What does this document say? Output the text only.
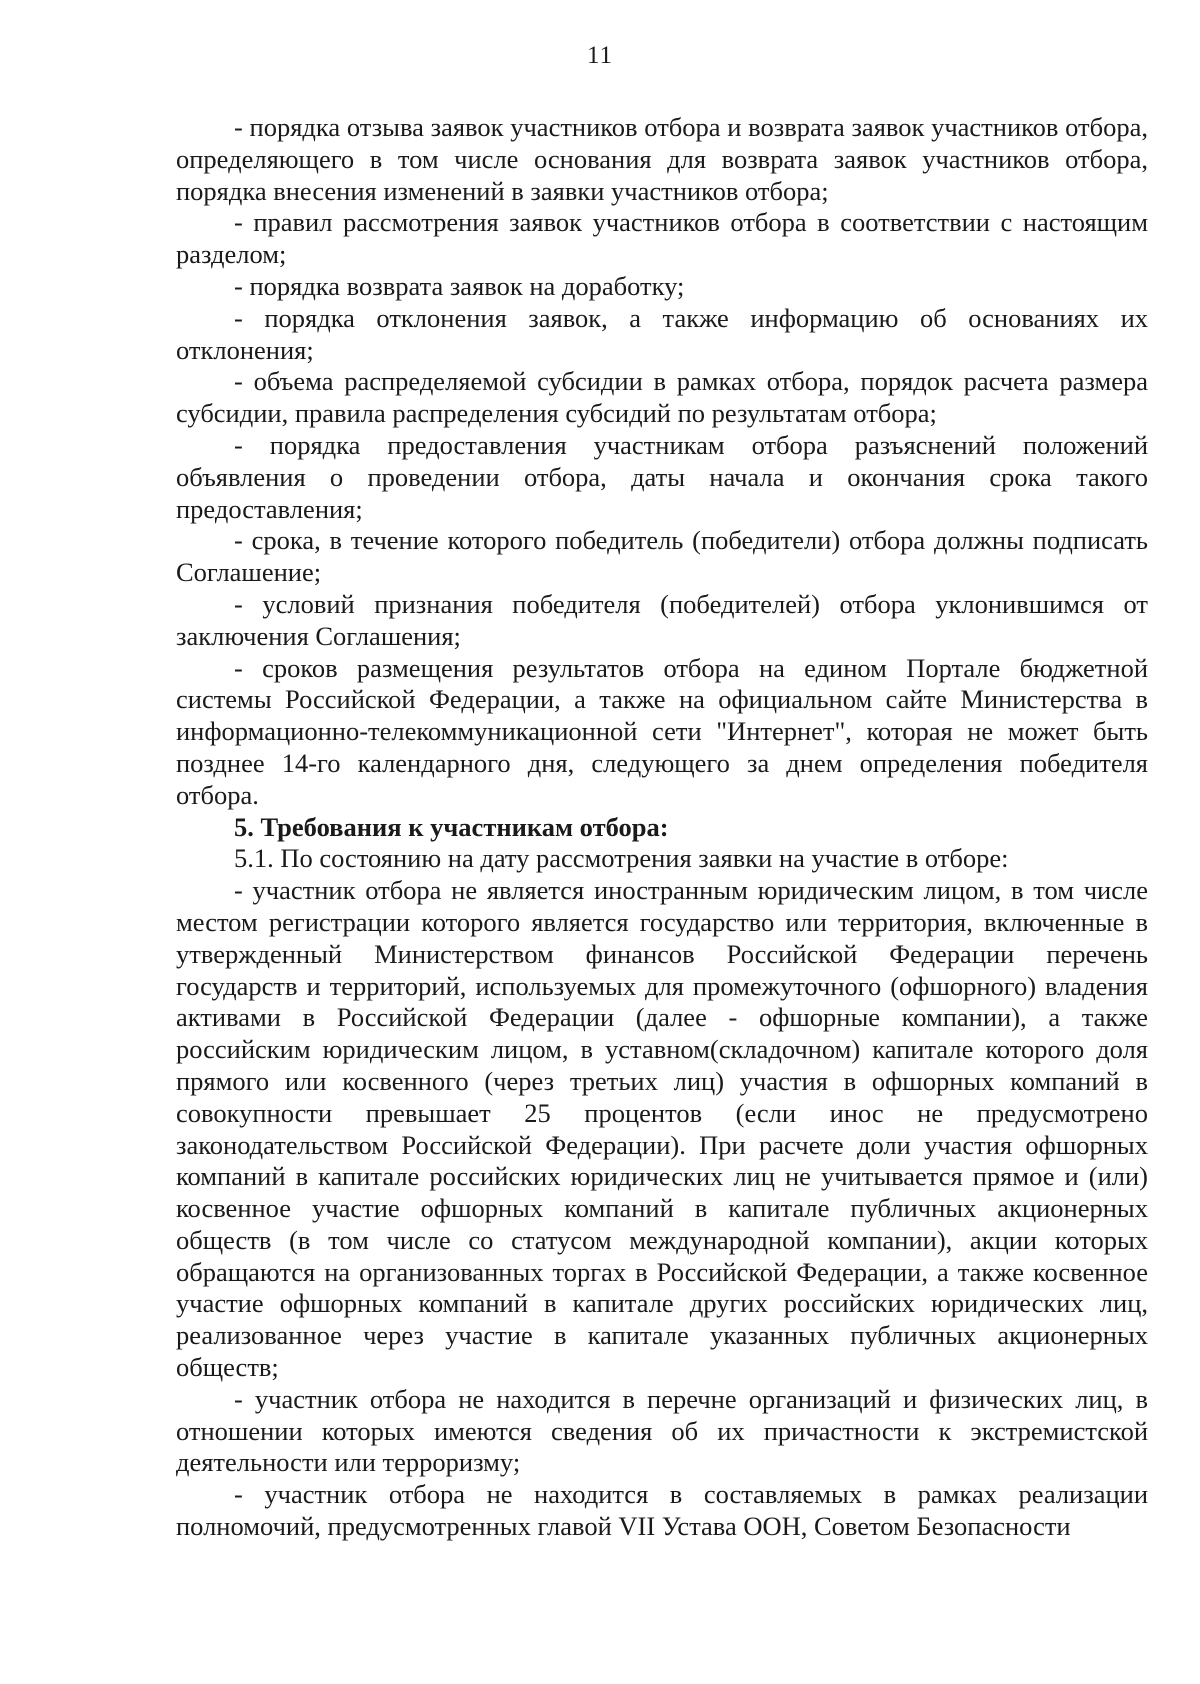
11

- порядка отзыва заявок участников отбора и возврата заявок участников отбора, определяющего в том числе основания для возврата заявок участников отбора, порядка внесения изменений в заявки участников отбора;

- правил рассмотрения заявок участников отбора в соответствии с настоящим разделом;

- порядка возврата заявок на доработку;

- порядка отклонения заявок, а также информацию об основаниях их отклонения;

- объема распределяемой субсидии в рамках отбора, порядок расчета размера субсидии, правила распределения субсидий по результатам отбора;

- порядка предоставления участникам отбора разъяснений положений объявления о проведении отбора, даты начала и окончания срока такого предоставления;

- срока, в течение которого победитель (победители) отбора должны подписать Соглашение;

- условий признания победителя (победителей) отбора уклонившимся от заключения Соглашения;

- сроков размещения результатов отбора на едином Портале бюджетной системы Российской Федерации, а также на официальном сайте Министерства в информационно-телекоммуникационной сети "Интернет", которая не может быть позднее 14-го календарного дня, следующего за днем определения победителя отбора.

5. Требования к участникам отбора:

5.1. По состоянию на дату рассмотрения заявки на участие в отборе:

- участник отбора не является иностранным юридическим лицом, в том числе местом регистрации которого является государство или территория, включенные в утвержденный Министерством финансов Российской Федерации перечень государств и территорий, используемых для промежуточного (офшорного) владения активами в Российской Федерации (далее - офшорные компании), а также российским юридическим лицом, в уставном(складочном) капитале которого доля прямого или косвенного (через третьих лиц) участия в офшорных компаний в совокупности превышает 25 процентов (если инос не предусмотрено законодательством Российской Федерации). При расчете доли участия офшорных компаний в капитале российских юридических лиц не учитывается прямое и (или) косвенное участие офшорных компаний в капитале публичных акционерных обществ (в том числе со статусом международной компании), акции которых обращаются на организованных торгах в Российской Федерации, а также косвенное участие офшорных компаний в капитале других российских юридических лиц, реализованное через участие в капитале указанных публичных акционерных обществ;

- участник отбора не находится в перечне организаций и физических лиц, в отношении которых имеются сведения об их причастности к экстремистской деятельности или терроризму;

- участник отбора не находится в составляемых в рамках реализации полномочий, предусмотренных главой VII Устава ООН, Советом Безопасности
